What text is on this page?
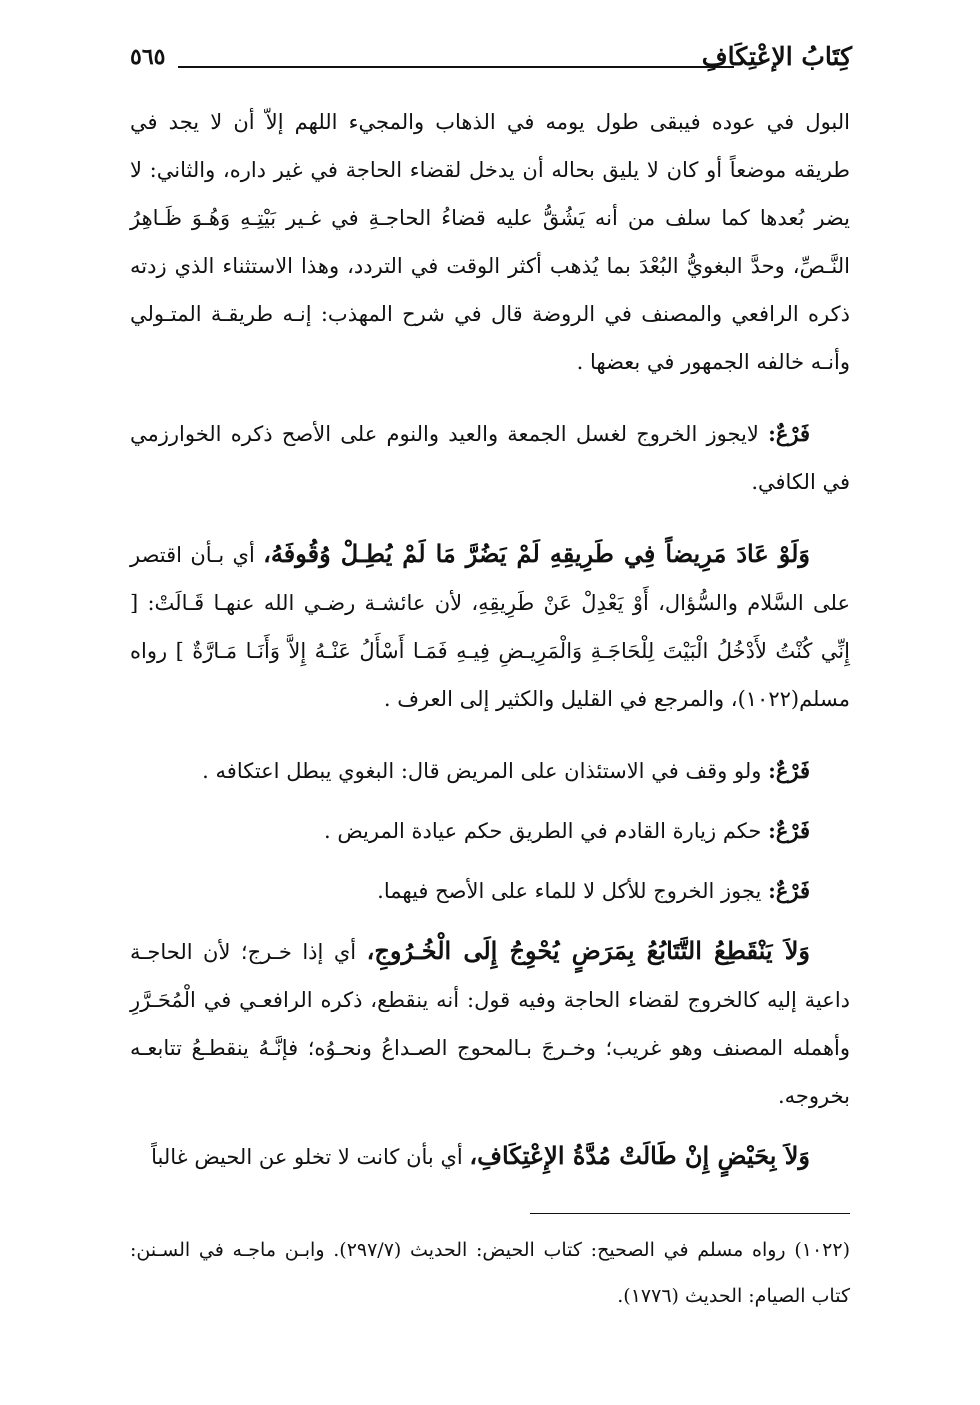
كِتَابُ الإعْتِكَافِ
٥٦٥

البول في عوده فيبقى طول يومه في الذهاب والمجيء اللهم إلاّ أن لا يجد في طريقه موضعاً أو كان لا يليق بحاله أن يدخل لقضاء الحاجة في غير داره، والثاني: لا يضر بُعدها كما سلف من أنه يَشُقُّ عليه قضاءُ الحاجـةِ في غـير بَيْتِـهِ وَهُـوَ ظَـاهِرُ النَّـصِّ، وحدَّ البغويُّ البُعْدَ بما يُذهب أكثر الوقت في التردد، وهذا الاستثناء الذي زدته ذكره الرافعي والمصنف في الروضة قال في شرح المهذب: إنـه طريقـة المتـولي وأنـه خالفه الجمهور في بعضها .

فَرْعٌ: لايجوز الخروج لغسل الجمعة والعيد والنوم على الأصح ذكره الخوارزمي في الكافي.

وَلَوْ عَادَ مَرِيضاً فِي طَرِيقِهِ لَمْ يَضُرَّ مَا لَمْ يُطِـلْ وُقُوفَهُ، أي بـأن اقتصر على السَّلام والسُّؤال، أَوْ يَعْدِلْ عَنْ طَرِيقِهِ، لأن عائشـة رضـي الله عنهـا قَـالَتْ: [ إِنِّي كُنْتُ لأَدْخُلُ الْبَيْتَ لِلْحَاجَـةِ وَالْمَرِيـضِ فِيـهِ فَمَـا أَسْأَلُ عَنْـهُ إِلاَّ وَأَنَـا مَـارَّةٌ ] رواه مسلم(١٠٢٢)، والمرجع في القليل والكثير إلى العرف .

فَرْعٌ: ولو وقف في الاستئذان على المريض قال: البغوي يبطل اعتكافه .

فَرْعٌ: حكم زيارة القادم في الطريق حكم عيادة المريض .

فَرْعٌ: يجوز الخروج للأكل لا للماء على الأصح فيهما.

وَلاَ يَنْقَطِعُ التَّتَابُعُ بِمَرَضٍ يُحْوِجُ إِلَى الْخُـرُوجِ، أي إذا خـرج؛ لأن الحاجـة داعية إليه كالخروج لقضاء الحاجة وفيه قول: أنه ينقطع، ذكره الرافعـي في الْمُحَـرَّرِ وأهمله المصنف وهو غريب؛ وخـرجَ بـالمحوج الصـداعُ ونحـوُه؛ فإنَّـهُ ينقطـعُ تتابعـه بخروجه.

وَلاَ بِحَيْضٍ إِنْ طَالَتْ مُدَّةُ الإِعْتِكَافِ، أي بأن كانت لا تخلو عن الحيض غالباً

(١٠٢٢) رواه مسلم في الصحيح: كتاب الحيض: الحديث (٢٩٧/٧). وابـن ماجـه في السـنن: كتاب الصيام: الحديث (١٧٧٦).
